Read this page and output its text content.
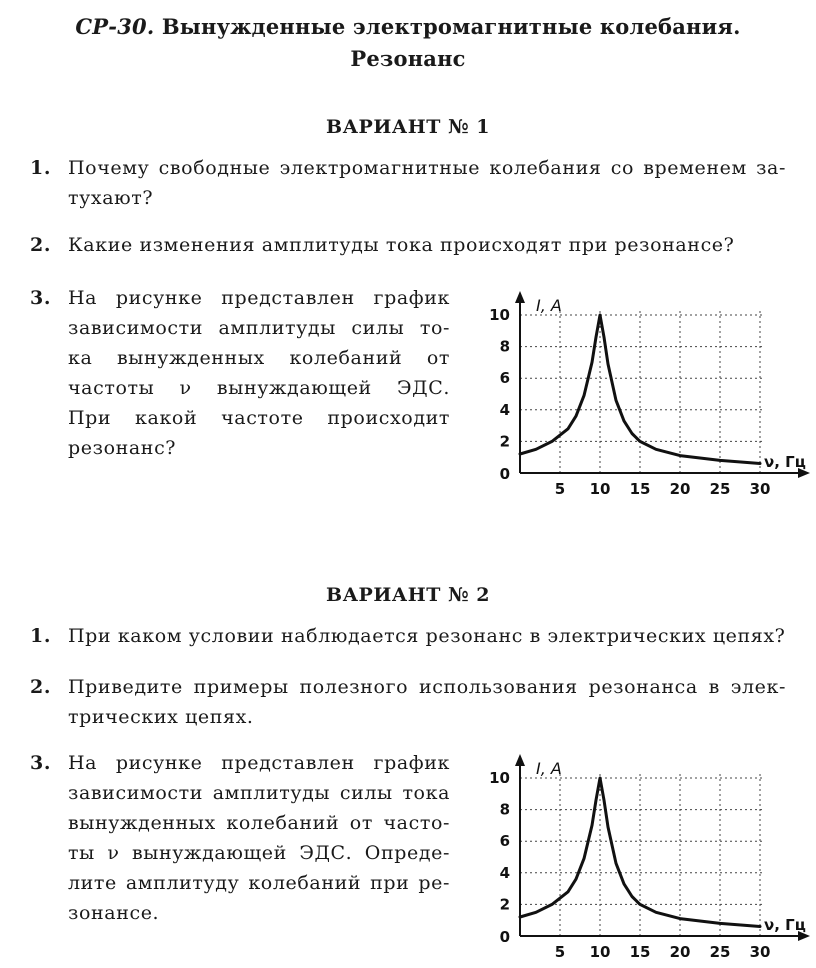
СР-30. Вынужденные электромагнитные колебания.
Резонанс
ВАРИАНТ № 1
1. Почему свободные электромагнитные колебания со временем за-
тухают?
2. Какие изменения амплитуды тока происходят при резонансе?
3. На рисунке представлен график
зависимости амплитуды силы то-
ка вынужденных колебаний от
частоты ν вынуждающей ЭДС.
При какой частоте происходит
резонанс?
5 10 15 20 25 30
2
4
6
8
10
0
I, А
ν, Гц
ВАРИАНТ № 2
1. При каком условии наблюдается резонанс в электрических цепях?
2. Приведите примеры полезного использования резонанса в элек-
трических цепях.
3. На рисунке представлен график
зависимости амплитуды силы тока
вынужденных колебаний от часто-
ты ν вынуждающей ЭДС. Опреде-
лите амплитуду колебаний при ре-
зонансе.
5 10 15 20 25 30
2
4
6
8
10
0
I, А
ν, Гц
